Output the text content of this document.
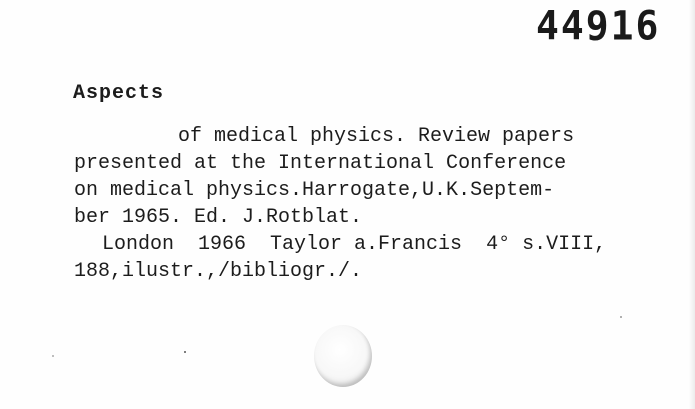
44916
Aspects
of medical physics. Review papers
presented at the International Conference
on medical physics.Harrogate,U.K.Septem-
ber 1965. Ed. J.Rotblat.
London  1966  Taylor a.Francis  4° s.VIII,
188,ilustr.,/bibliogr./.
